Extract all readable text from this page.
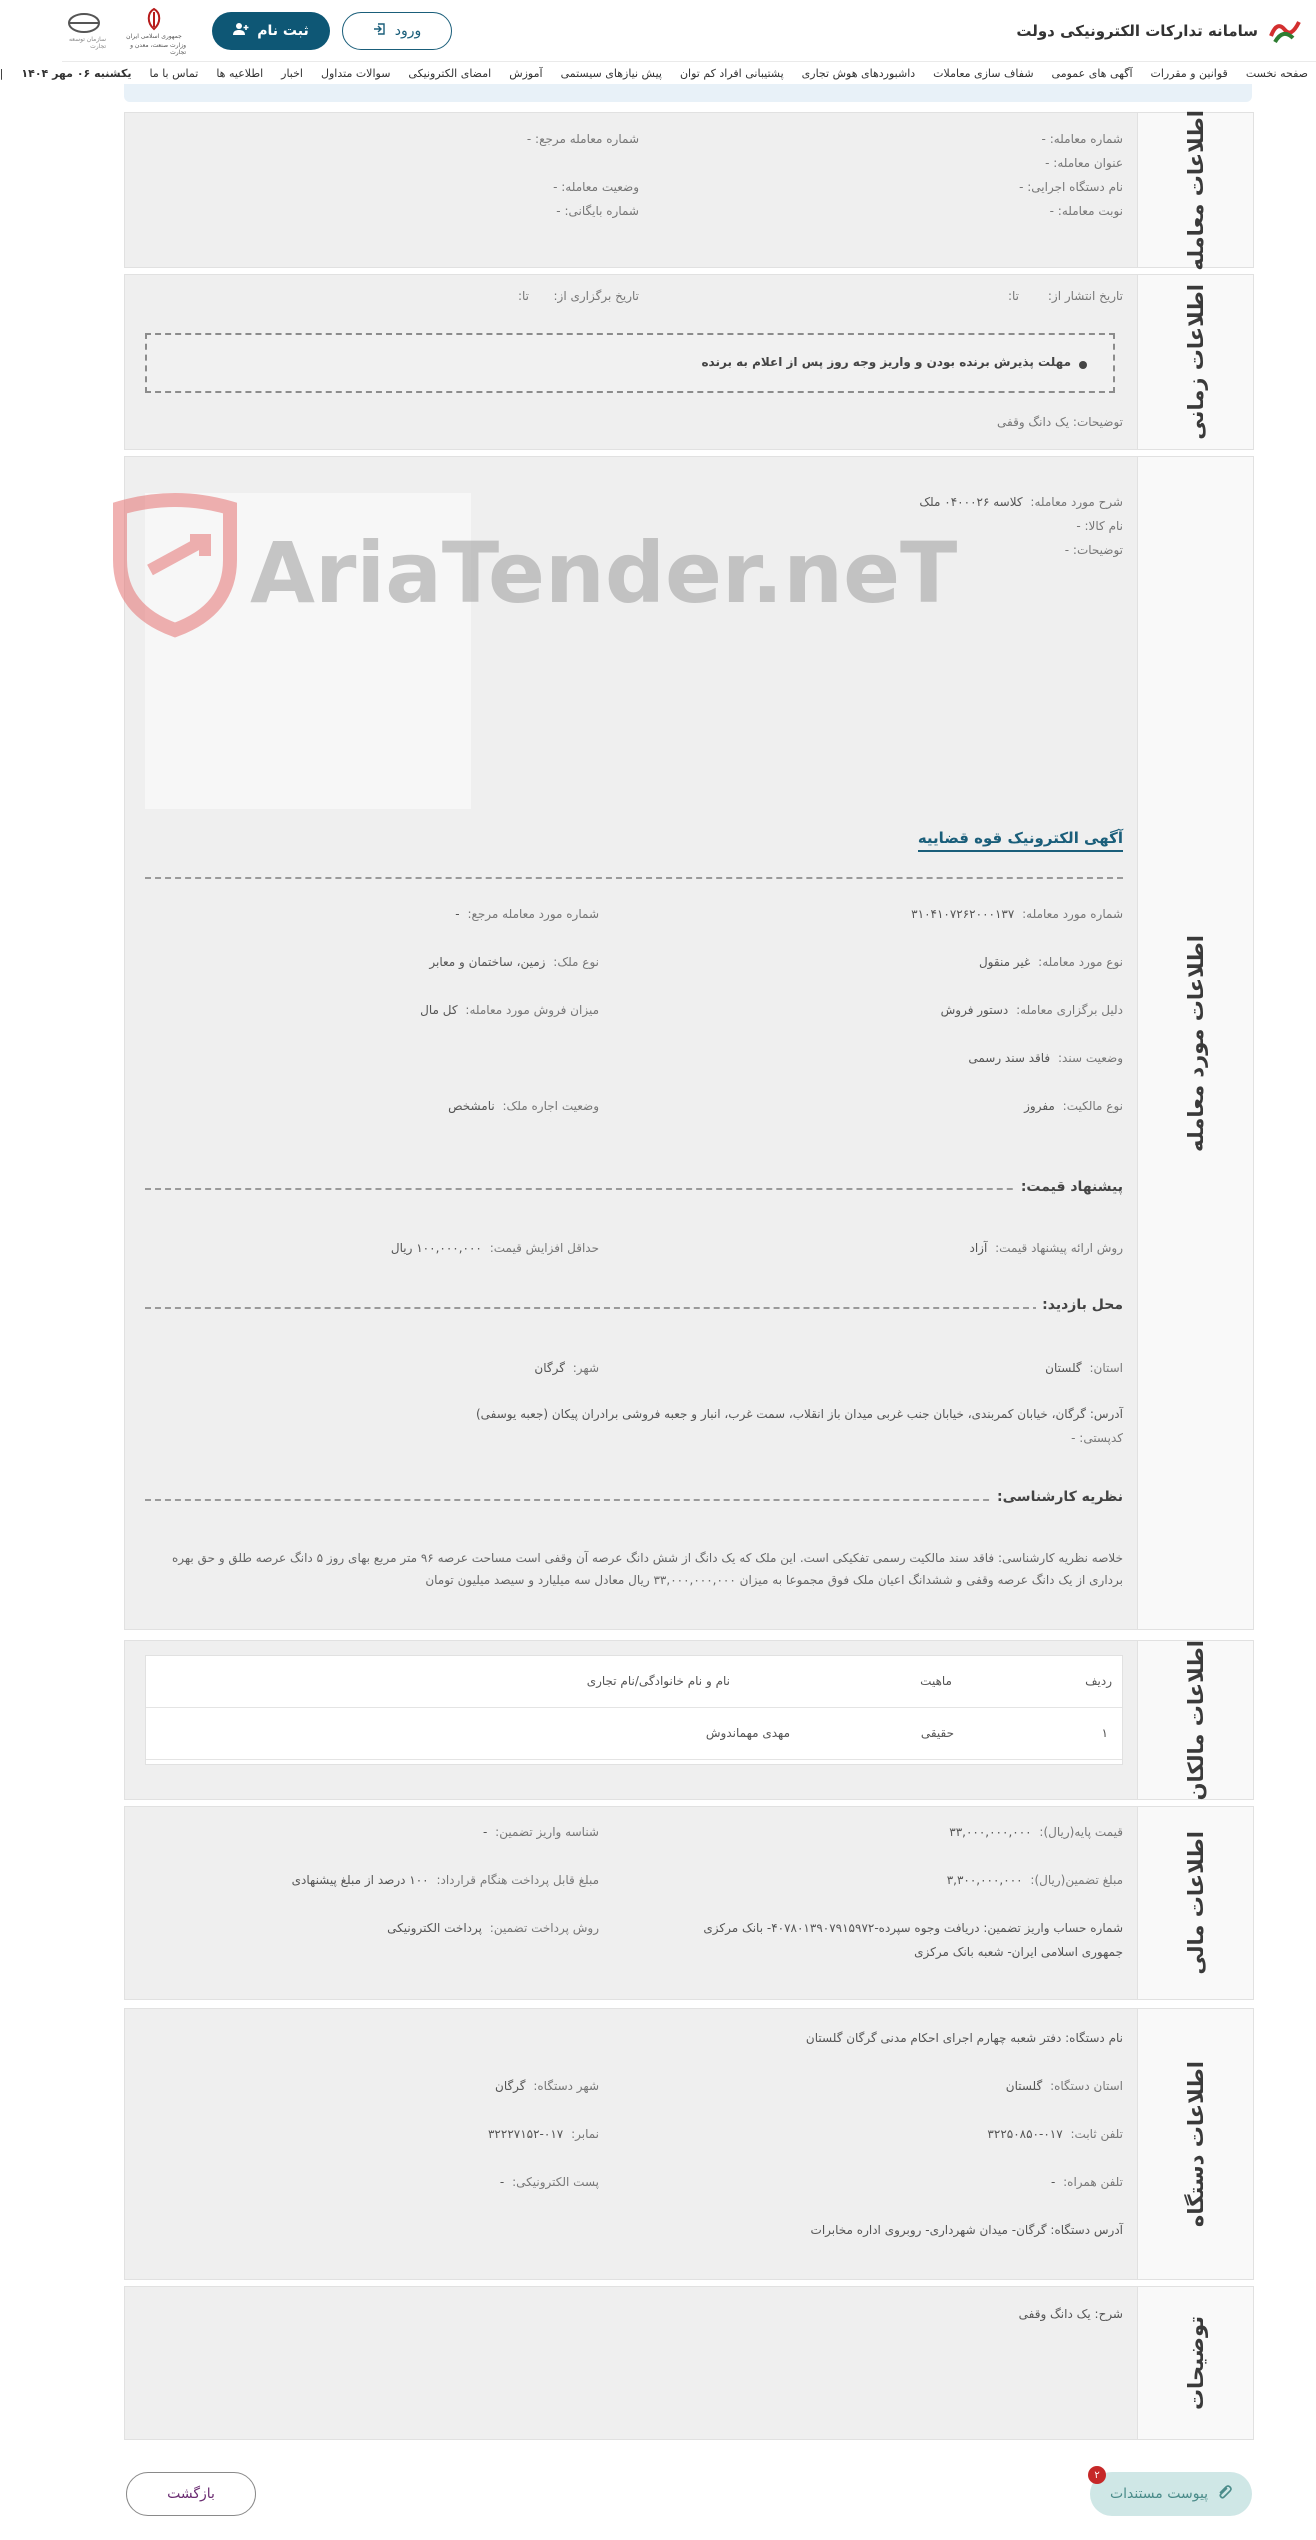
سامانه تدارکات الکترونیکی دولت
ورود
ثبت نام
جمهوری اسلامی ایران
وزارت صنعت، معدن و تجارت
سازمان توسعه تجارت
صفحه نخست
قوانین و مقررات
آگهی های عمومی
شفاف سازی معاملات
داشبوردهای هوش تجاری
پشتیبانی افراد کم توان
پیش نیازهای سیستمی
آموزش
امضای الکترونیکی
سوالات متداول
اخبار
اطلاعیه ها
تماس با ما
یکشنبه ۰۶ مهر ۱۴۰۴
|
اطلاعات معامله
شماره معامله: -
عنوان معامله: -
نام دستگاه اجرایی: -
نوبت معامله: -
شماره معامله مرجع: -
وضعیت معامله: -
شماره بایگانی: -
اطلاعات زمانی
تاریخ انتشار از:
تا:
تاریخ برگزاری از:
تا:
مهلت پذیرش برنده بودن و واریز وجه روز پس از اعلام به برنده
توضیحات: یک دانگ وقفی
اطلاعات مورد معامله
شرح مورد معامله: کلاسه ۰۴۰۰۰۲۶ ملک
نام کالا: -
توضیحات: -
آگهی الکترونیک قوه قضاییه
شماره مورد معامله: ۳۱۰۴۱۰۷۲۶۲۰۰۰۱۳۷
شماره مورد معامله مرجع: -
نوع مورد معامله: غیر منقول
نوع ملک: زمین، ساختمان و معابر
دلیل برگزاری معامله: دستور فروش
میزان فروش مورد معامله: کل مال
وضعیت سند: فاقد سند رسمی
نوع مالکیت: مفروز
وضعیت اجاره ملک: نامشخص
پیشنهاد قیمت:
روش ارائه پیشنهاد قیمت: آزاد
حداقل افزایش قیمت: ۱۰۰,۰۰۰,۰۰۰ ریال
محل بازدید:
استان: گلستان
شهر: گرگان
آدرس: گرگان، خیابان کمربندی، خیابان جنب غربی میدان باز انقلاب، سمت غرب، انبار و جعبه فروشی برادران پیکان (جعبه یوسفی)
کدپستی: -
نظریه کارشناسی:
خلاصه نظریه کارشناسی: فاقد سند مالکیت رسمی تفکیکی است. این ملک که یک دانگ از شش دانگ عرصه آن وقفی است مساحت عرصه ۹۶ متر مربع بهای روز ۵ دانگ عرصه طلق و حق بهره
برداری از یک دانگ عرصه وقفی و ششدانگ اعیان ملک فوق مجموعا به میزان ۳۳,۰۰۰,۰۰۰,۰۰۰ ریال معادل سه میلیارد و سیصد میلیون تومان
AriaTender.neT
اطلاعات مالکان
ردیف
ماهیت
نام و نام خانوادگی/نام تجاری
۱
حقیقی
مهدی مهماندوش
اطلاعات مالی
قیمت پایه(ریال): ۳۳,۰۰۰,۰۰۰,۰۰۰
شناسه واریز تضمین: -
مبلغ تضمین(ریال): ۳,۳۰۰,۰۰۰,۰۰۰
مبلغ قابل پرداخت هنگام قرارداد: ۱۰۰ درصد از مبلغ پیشنهادی
شماره حساب واریز تضمین: دریافت وجوه سپرده-۴۰۷۸۰۱۳۹۰۷۹۱۵۹۷۲- بانک مرکزی
جمهوری اسلامی ایران- شعبه بانک مرکزی
روش پرداخت تضمین: پرداخت الکترونیکی
اطلاعات دستگاه
نام دستگاه: دفتر شعبه چهارم اجرای احکام مدنی گرگان گلستان
استان دستگاه: گلستان
شهر دستگاه: گرگان
تلفن ثابت: ۰۱۷-۳۲۲۵۰۸۵۰
نمابر: ۰۱۷-۳۲۲۲۷۱۵۲
تلفن همراه: -
پست الکترونیکی: -
آدرس دستگاه: گرگان- میدان شهرداری- روبروی اداره مخابرات
توضیحات
شرح: یک دانگ وقفی
بازگشت	پیوست مستندات
۲
